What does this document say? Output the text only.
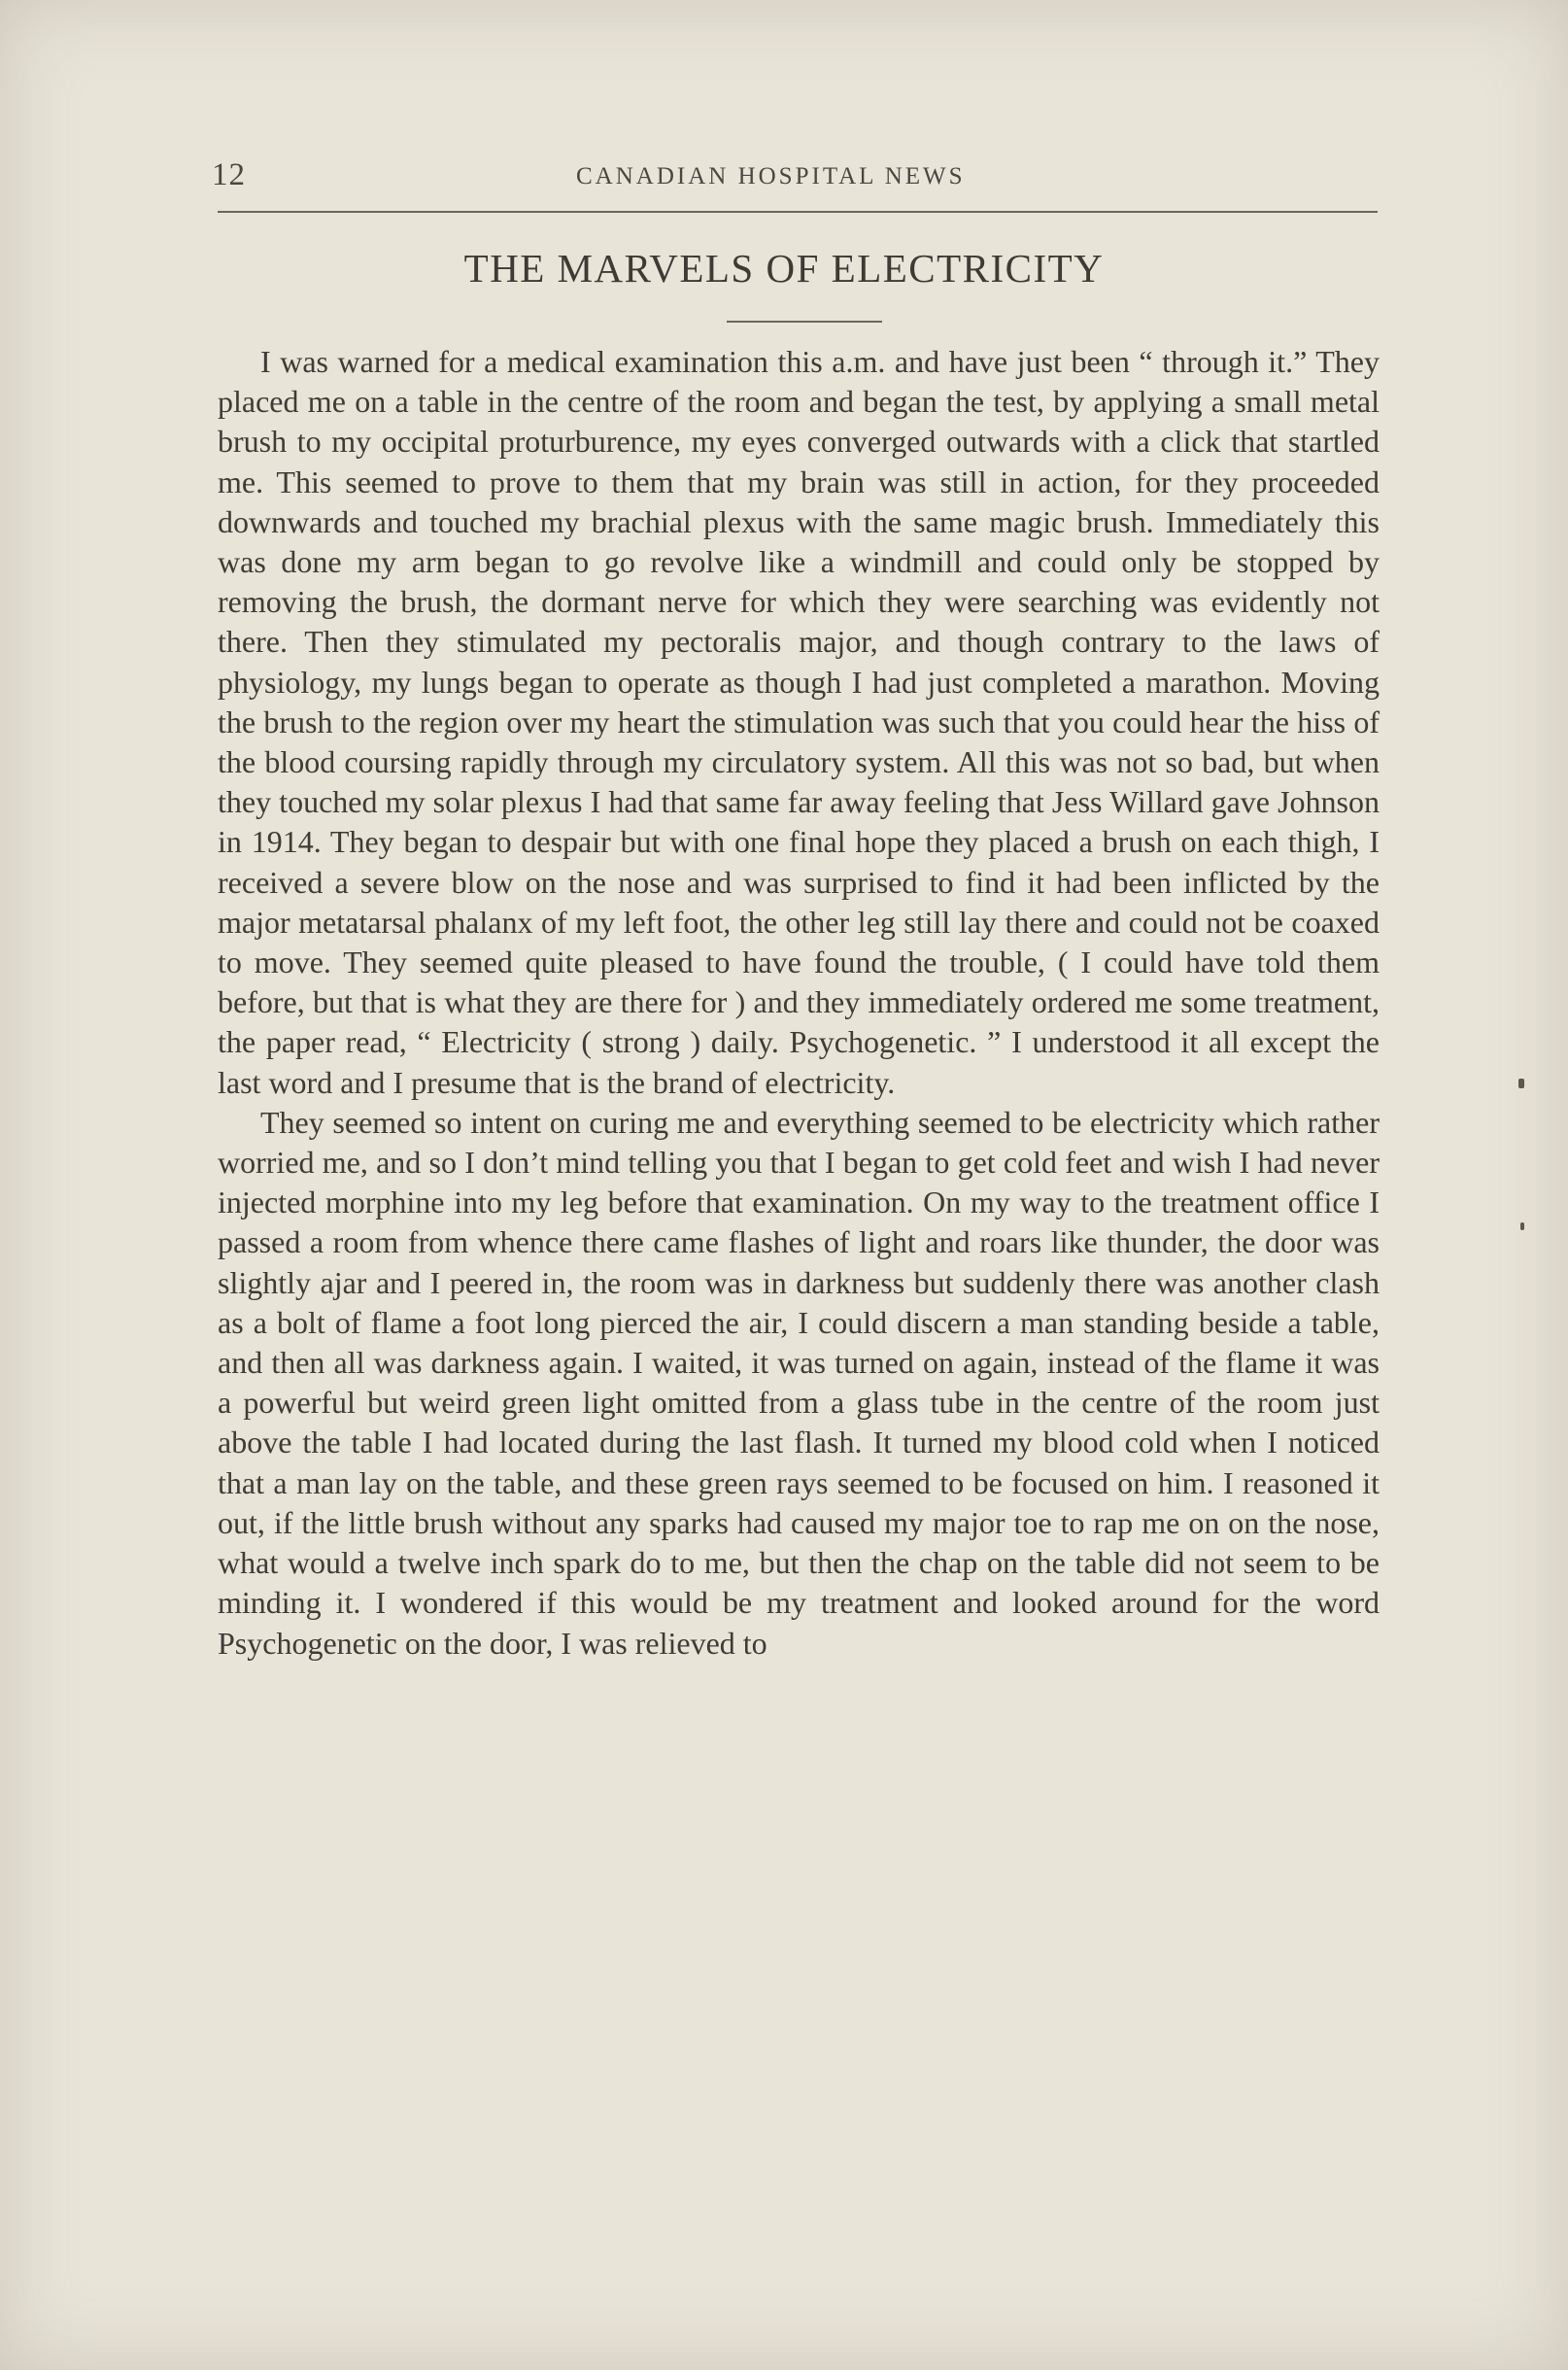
12	CANADIAN HOSPITAL NEWS
THE MARVELS OF ELECTRICITY

I was warned for a medical examination this a.m. and have just been “ through it.” They placed me on a table in the centre of the room and began the test, by applying a small metal brush to my occipital proturburence, my eyes converged outwards with a click that startled me. This seemed to prove to them that my brain was still in action, for they proceeded downwards and touched my brachial plexus with the same magic brush. Immediately this was done my arm began to go revolve like a windmill and could only be stopped by removing the brush, the dormant nerve for which they were searching was evidently not there. Then they stimulated my pectoralis major, and though contrary to the laws of physiology, my lungs began to operate as though I had just completed a marathon. Moving the brush to the region over my heart the stimulation was such that you could hear the hiss of the blood coursing rapidly through my circulatory system. All this was not so bad, but when they touched my solar plexus I had that same far away feeling that Jess Willard gave Johnson in 1914. They began to despair but with one final hope they placed a brush on each thigh, I received a severe blow on the nose and was surprised to find it had been inflicted by the major metatarsal phalanx of my left foot, the other leg still lay there and could not be coaxed to move. They seemed quite pleased to have found the trouble, ( I could have told them before, but that is what they are there for ) and they immediately ordered me some treatment, the paper read, “ Electricity ( strong ) daily. Psychogenetic. ” I understood it all except the last word and I presume that is the brand of electricity.

They seemed so intent on curing me and everything seemed to be electricity which rather worried me, and so I don’t mind telling you that I began to get cold feet and wish I had never injected morphine into my leg before that examination. On my way to the treatment office I passed a room from whence there came flashes of light and roars like thunder, the door was slightly ajar and I peered in, the room was in darkness but suddenly there was another clash as a bolt of flame a foot long pierced the air, I could discern a man standing beside a table, and then all was darkness again. I waited, it was turned on again, instead of the flame it was a powerful but weird green light omitted from a glass tube in the centre of the room just above the table I had located during the last flash. It turned my blood cold when I noticed that a man lay on the table, and these green rays seemed to be focused on him. I reasoned it out, if the little brush without any sparks had caused my major toe to rap me on on the nose, what would a twelve inch spark do to me, but then the chap on the table did not seem to be minding it. I wondered if this would be my treatment and looked around for the word Psychogenetic on the door, I was relieved to
